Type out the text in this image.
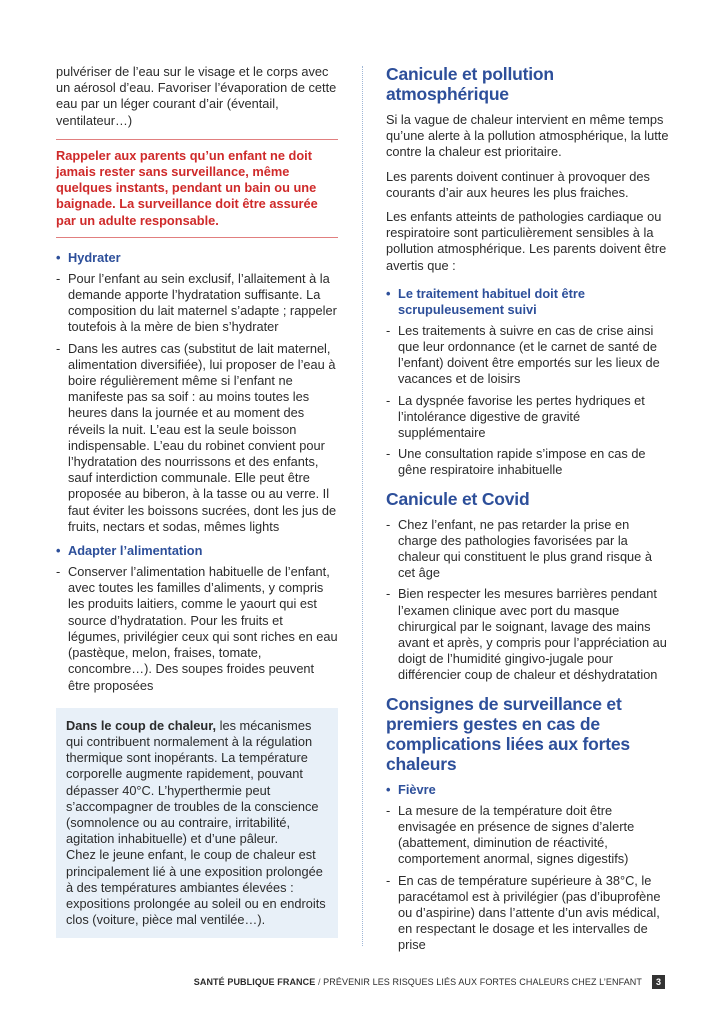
pulvériser de l’eau sur le visage et le corps avec un aérosol d’eau. Favoriser l’évaporation de cette eau par un léger courant d’air (éventail, ventilateur…)

Rappeler aux parents qu’un enfant ne doit jamais rester sans surveillance, même quelques instants, pendant un bain ou une baignade. La surveillance doit être assurée par un adulte responsable.
• Hydrater
- Pour l’enfant au sein exclusif, l’allaitement à la demande apporte l’hydratation suffisante. La composition du lait maternel s’adapte ; rappeler toutefois à la mère de bien s’hydrater
- Dans les autres cas (substitut de lait maternel, alimentation diversifiée), lui proposer de l’eau à boire régulièrement même si l’enfant ne manifeste pas sa soif : au moins toutes les heures dans la journée et au moment des réveils la nuit. L’eau est la seule boisson indispensable. L’eau du robinet convient pour l’hydratation des nourrissons et des enfants, sauf interdiction communale. Elle peut être proposée au biberon, à la tasse ou au verre. Il faut éviter les boissons sucrées, dont les jus de fruits, nectars et sodas, mêmes lights
• Adapter l’alimentation
- Conserver l’alimentation habituelle de l’enfant, avec toutes les familles d’aliments, y compris les produits laitiers, comme le yaourt qui est source d’hydratation. Pour les fruits et légumes, privilégier ceux qui sont riches en eau (pastèque, melon, fraises, tomate, concombre…). Des soupes froides peuvent être proposées

Dans le coup de chaleur, les mécanismes qui contribuent normalement à la régulation thermique sont inopérants. La température corporelle augmente rapidement, pouvant dépasser 40°C. L’hyperthermie peut s’accompagner de troubles de la conscience (somnolence ou au contraire, irritabilité, agitation inhabituelle) et d’une pâleur.

Chez le jeune enfant, le coup de chaleur est principalement lié à une exposition prolongée à des températures ambiantes élevées : expositions prolongée au soleil ou en endroits clos (voiture, pièce mal ventilée…).

Canicule et pollution atmosphérique

Si la vague de chaleur intervient en même temps qu’une alerte à la pollution atmosphérique, la lutte contre la chaleur est prioritaire.

Les parents doivent continuer à provoquer des courants d’air aux heures les plus fraiches.

Les enfants atteints de pathologies cardiaque ou respiratoire sont particulièrement sensibles à la pollution atmosphérique. Les parents doivent être avertis que :

• Le traitement habituel doit être scrupuleusement suivi
- Les traitements à suivre en cas de crise ainsi que leur ordonnance (et le carnet de santé de l’enfant) doivent être emportés sur les lieux de vacances et de loisirs
- La dyspnée favorise les pertes hydriques et l’intolérance digestive de gravité supplémentaire
- Une consultation rapide s’impose en cas de gêne respiratoire inhabituelle
Canicule et Covid
- Chez l’enfant, ne pas retarder la prise en charge des pathologies favorisées par la chaleur qui constituent le plus grand risque à cet âge
- Bien respecter les mesures barrières pendant l’examen clinique avec port du masque chirurgical par le soignant, lavage des mains avant et après, y compris pour l’appréciation au doigt de l’humidité gingivo-jugale pour différencier coup de chaleur et déshydratation
Consignes de surveillance et premiers gestes en cas de complications liées aux fortes chaleurs
• Fièvre
- La mesure de la température doit être envisagée en présence de signes d’alerte (abattement, diminution de réactivité, comportement anormal, signes digestifs)
- En cas de température supérieure à 38°C, le paracétamol est à privilégier (pas d’ibuprofène ou d’aspirine) dans l’attente d’un avis médical, en respectant le dosage et les intervalles de prise
SANTÉ PUBLIQUE FRANCE / PRÉVENIR LES RISQUES LIÉS AUX FORTES CHALEURS CHEZ L’ENFANT	3
